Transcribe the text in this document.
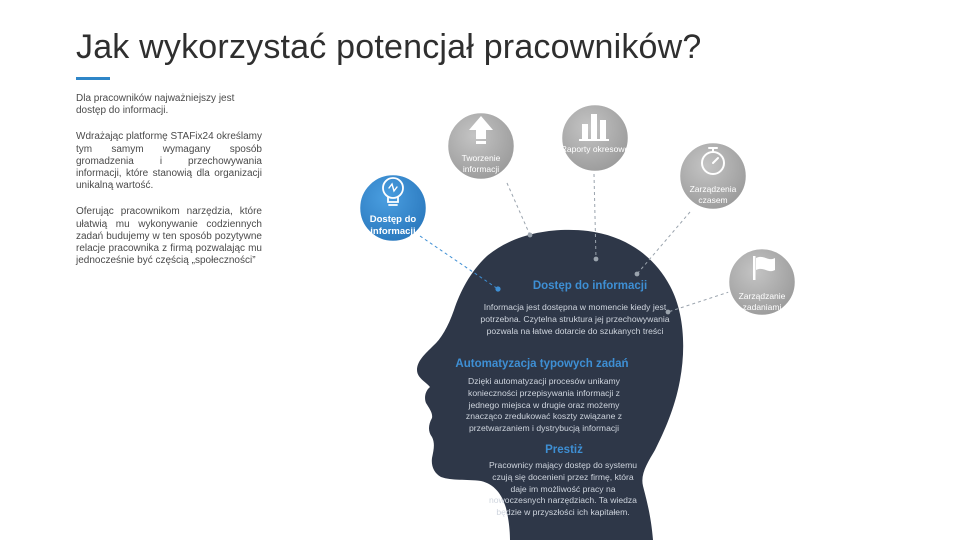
Jak wykorzystać potencjał pracowników?

Dla pracowników najważniejszy jest dostęp do informacji.

Wdrażając platformę STAFix24 określamy tym samym wymagany sposób gromadzenia i przechowywania informacji, które stanowią dla organizacji unikalną wartość.

Oferując pracownikom narzędzia, które ułatwią mu wykonywanie codziennych zadań budujemy w ten sposób pozytywne relacje pracownika z firmą pozwalając mu jednocześnie być częścią „społeczności”

Dostęp do informacji
Tworzenie informacji
Raporty okresowe
Zarządzenia czasem
Zarządzanie zadaniami
Dostęp do informacji
Informacja jest dostępna w momencie kiedy jest potrzebna. Czytelna struktura jej przechowywania pozwala na łatwe dotarcie do szukanych treści
Automatyzacja typowych zadań
Dzięki automatyzacji procesów unikamy konieczności przepisywania informacji z jednego miejsca w drugie oraz możemy znacząco zredukować koszty związane z przetwarzaniem i dystrybucją informacji
Prestiż
Pracownicy mający dostęp do systemu czują się docenieni przez firmę, która daje im możliwość pracy na nowoczesnych narzędziach. Ta wiedza będzie w przyszłości ich kapitałem.
